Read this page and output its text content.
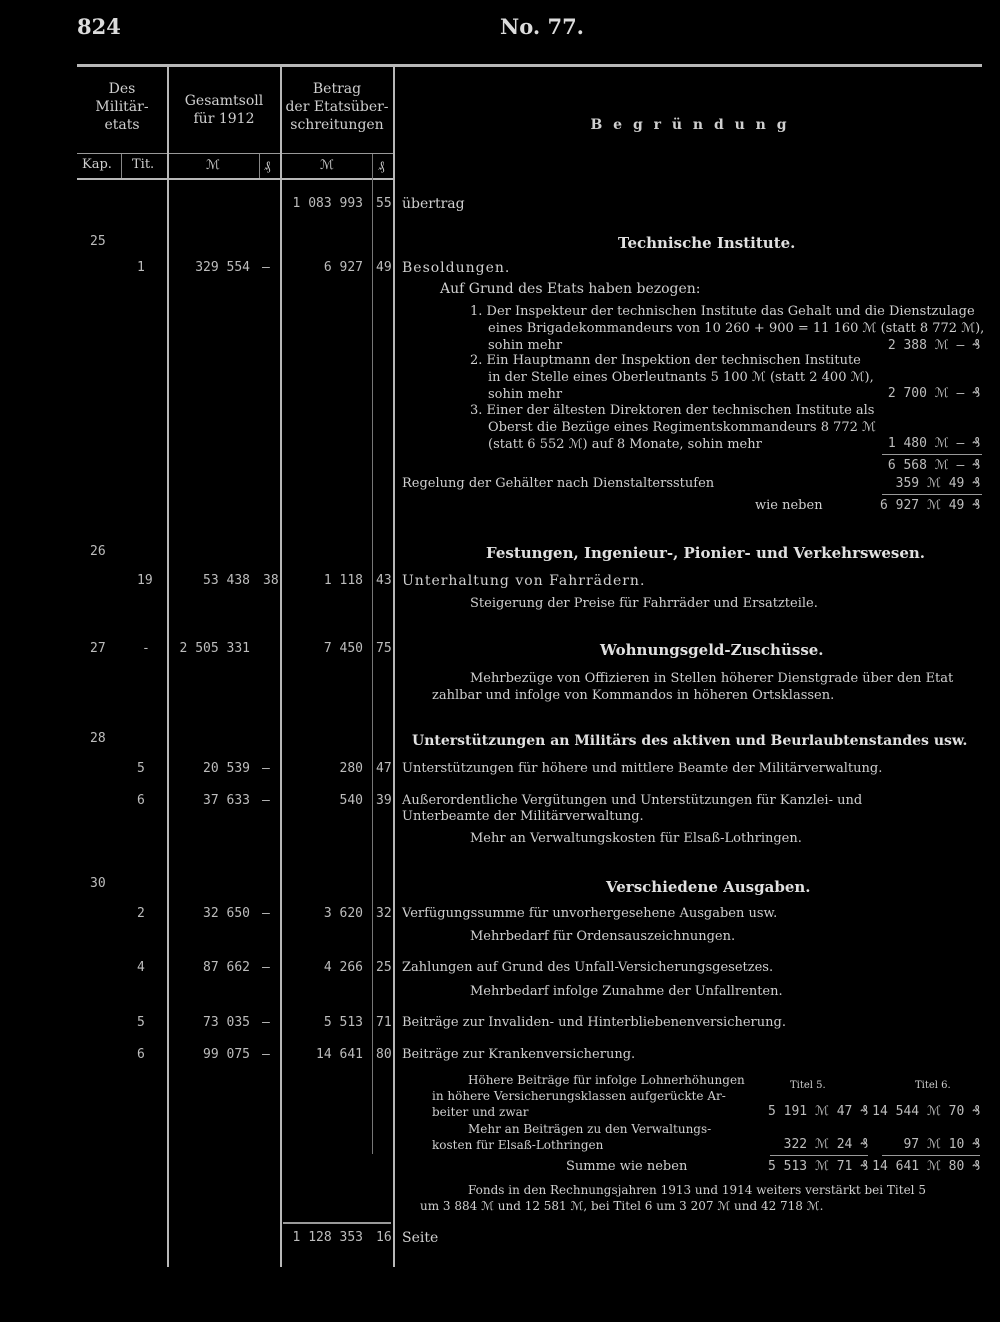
824	No. 77.
Des
Militär-
etats
Gesamtsoll
für 1912
Betrag
der Etatsüber-
schreitungen	B e g r ü n d u n g
Kap. Tit.	ℳ	₰	ℳ	₰
1 083 993 55 übertrag
25	Technische Institute.
1	329 554 —	6 927 49 Besoldungen.
Auf Grund des Etats haben bezogen:
1. Der Inspekteur der technischen Institute das Gehalt und die Dienstzulage
eines Brigadekommandeurs von 10 260 + 900 = 11 160 ℳ (statt 8 772 ℳ),
sohin mehr	2 388 ℳ — ₰
2. Ein Hauptmann der Inspektion der technischen Institute
in der Stelle eines Oberleutnants 5 100 ℳ (statt 2 400 ℳ),
sohin mehr	2 700 ℳ — ₰
3. Einer der ältesten Direktoren der technischen Institute als
Oberst die Bezüge eines Regimentskommandeurs 8 772 ℳ
(statt 6 552 ℳ) auf 8 Monate, sohin mehr	1 480 ℳ — ₰
6 568 ℳ — ₰
Regelung der Gehälter nach Dienstaltersstufen	359 ℳ 49 ₰
wie neben	6 927 ℳ 49 ₰
26	Festungen, Ingenieur-, Pionier- und Verkehrswesen.
19	53 438 38	1 118 43 Unterhaltung von Fahrrädern.
Steigerung der Preise für Fahrräder und Ersatzteile.
27	-	2 505 331	7 450 75	Wohnungsgeld-Zuschüsse.
Mehrbezüge von Offizieren in Stellen höherer Dienstgrade über den Etat
zahlbar und infolge von Kommandos in höheren Ortsklassen.
28	Unterstützungen an Militärs des aktiven und Beurlaubtenstandes usw.
5	20 539 —	280 47 Unterstützungen für höhere und mittlere Beamte der Militärverwaltung.
6	37 633 —	540 39 Außerordentliche Vergütungen und Unterstützungen für Kanzlei- und
Unterbeamte der Militärverwaltung.
Mehr an Verwaltungskosten für Elsaß-Lothringen.
30	Verschiedene Ausgaben.
2	32 650 —	3 620 32 Verfügungssumme für unvorhergesehene Ausgaben usw.
Mehrbedarf für Ordensauszeichnungen.
4	87 662 —	4 266 25 Zahlungen auf Grund des Unfall-Versicherungsgesetzes.
Mehrbedarf infolge Zunahme der Unfallrenten.
5	73 035 —	5 513 71 Beiträge zur Invaliden- und Hinterbliebenenversicherung.
6	99 075 —	14 641 80 Beiträge zur Krankenversicherung.
Titel 5.	Titel 6.
Höhere Beiträge für infolge Lohnerhöhungen
in höhere Versicherungsklassen aufgerückte Ar-
beiter und zwar	5 191 ℳ 47 ₰ 14 544 ℳ 70 ₰
Mehr an Beiträgen zu den Verwaltungs-
kosten für Elsaß-Lothringen	322 ℳ 24 ₰	97 ℳ 10 ₰
Summe wie neben	5 513 ℳ 71 ₰ 14 641 ℳ 80 ₰
Fonds in den Rechnungsjahren 1913 und 1914 weiters verstärkt bei Titel 5
um 3 884 ℳ und 12 581 ℳ, bei Titel 6 um 3 207 ℳ und 42 718 ℳ.
1 128 353 16 Seite
